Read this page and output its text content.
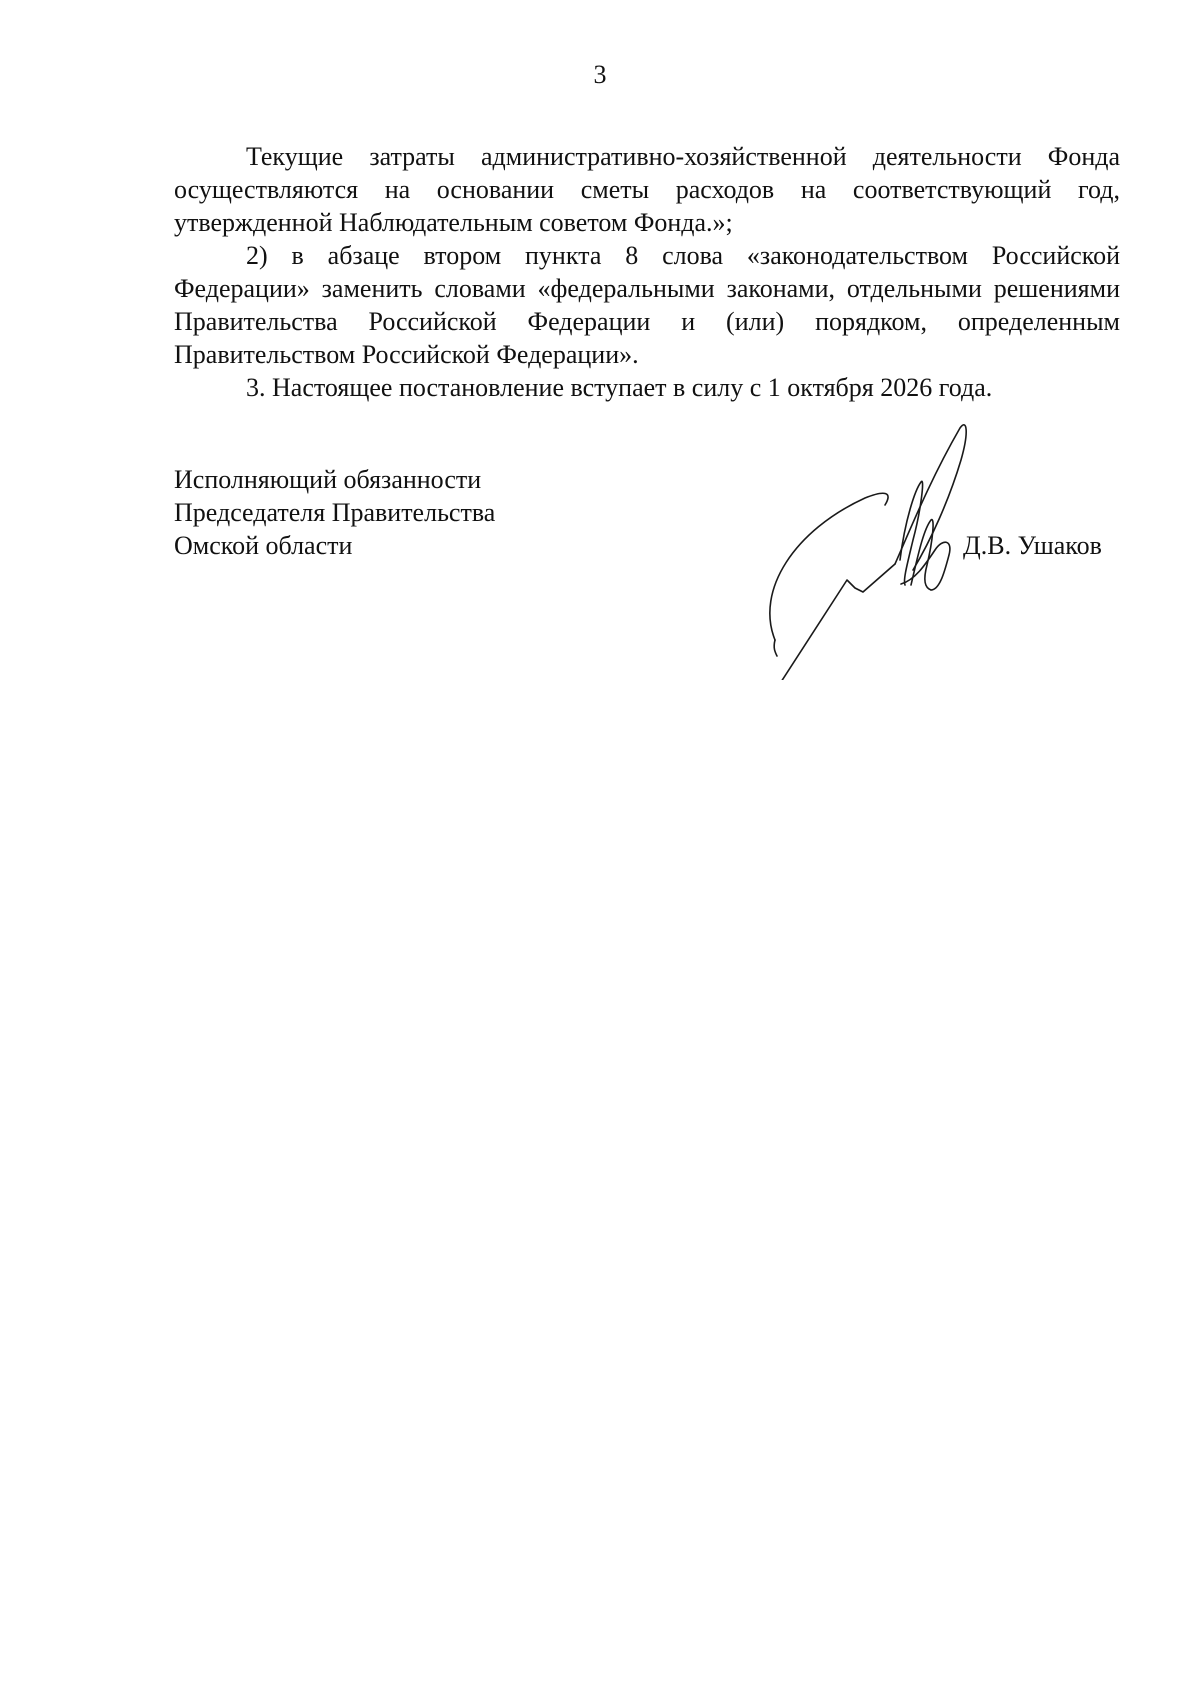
3

Текущие затраты административно-хозяйственной деятельности Фонда осуществляются на основании сметы расходов на соответствующий год, утвержденной Наблюдательным советом Фонда.»;

2) в абзаце втором пункта 8 слова «законодательством Российской Федерации» заменить словами «федеральными законами, отдельными решениями Правительства Российской Федерации и (или) порядком, определенным Правительством Российской Федерации».

3. Настоящее постановление вступает в силу с 1 октября 2026 года.

Исполняющий обязанности
Председателя Правительства
Омской области	Д.В. Ушаков
